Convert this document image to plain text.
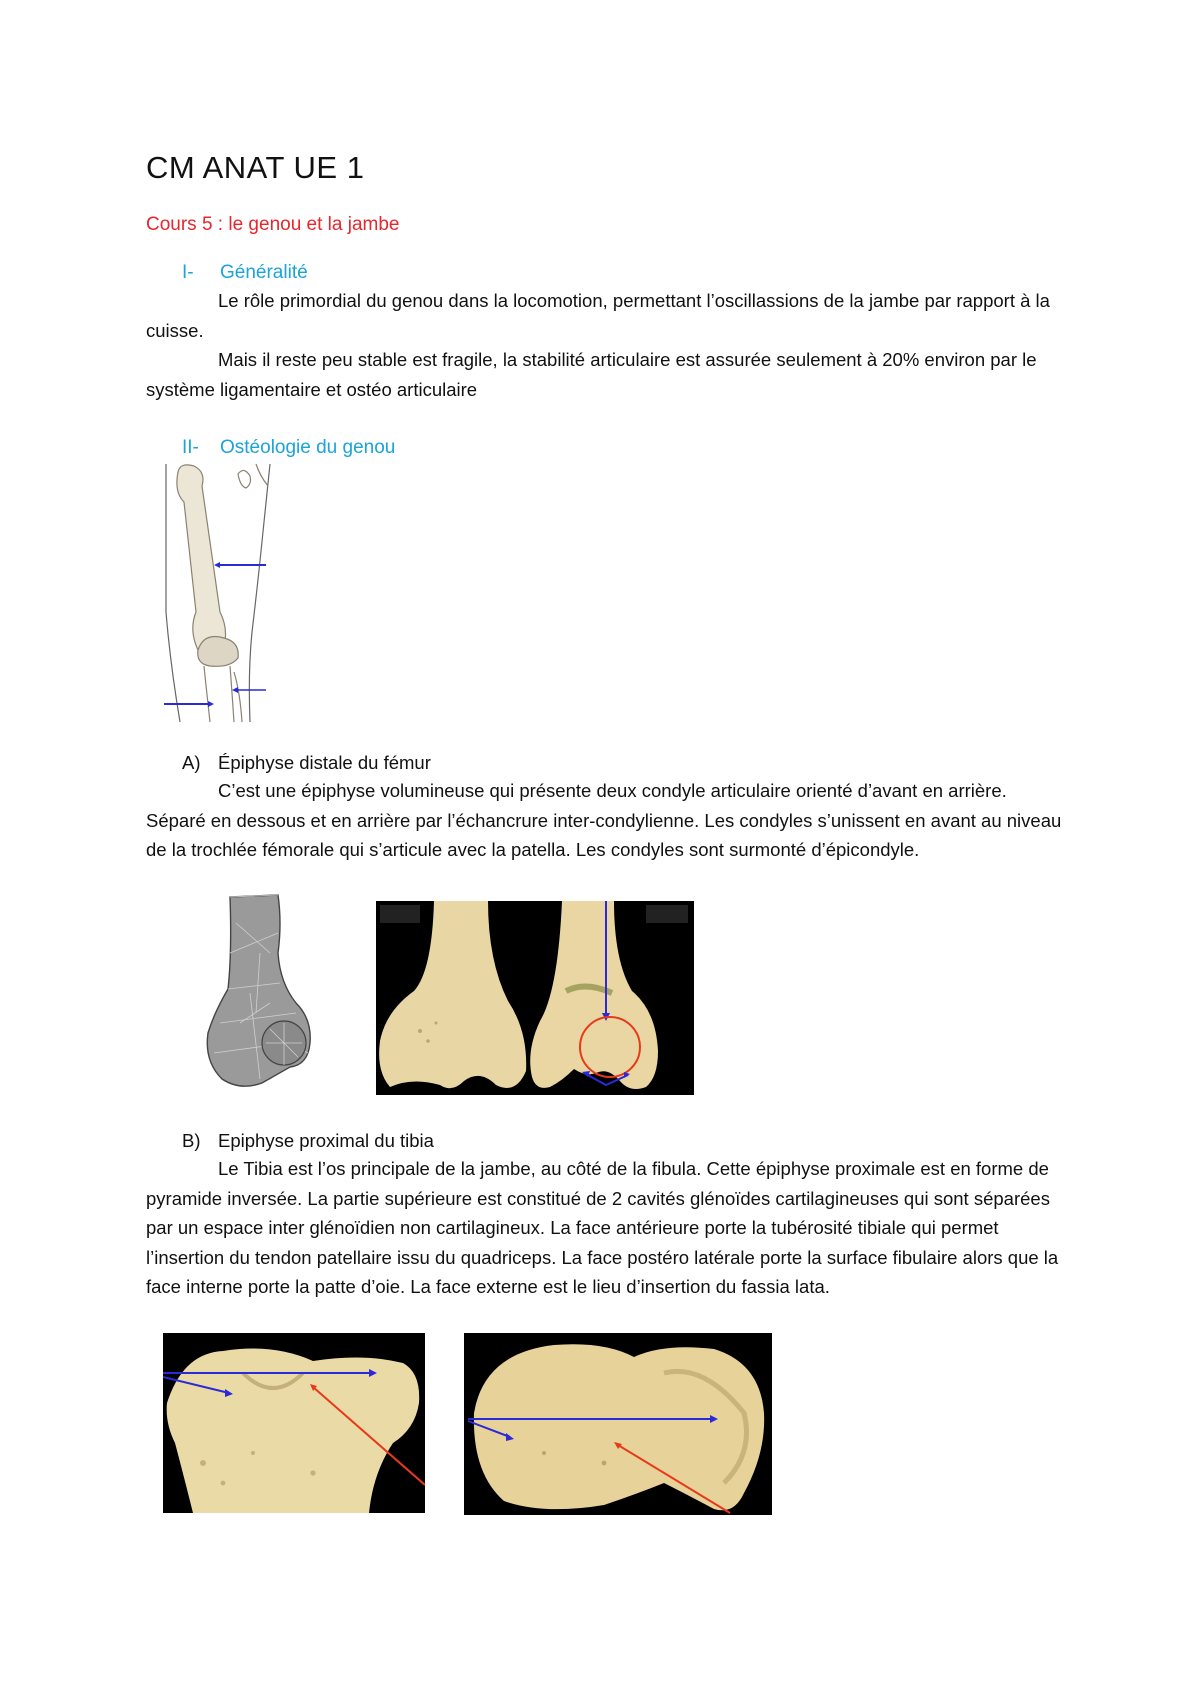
CM ANAT UE 1
Cours 5 : le genou et la jambe
I- Généralité

Le rôle primordial du genou dans la locomotion, permettant l’oscillassions de la jambe par rapport à la cuisse.

Mais il reste peu stable est fragile, la stabilité articulaire est assurée seulement à 20% environ par le système ligamentaire et ostéo articulaire

II- Ostéologie du genou
A) Épiphyse distale du fémur

C’est une épiphyse volumineuse qui présente deux condyle articulaire orienté d’avant en arrière. Séparé en dessous et en arrière par l’échancrure inter-condylienne. Les condyles s’unissent en avant au niveau de la trochlée fémorale qui s’articule avec la patella. Les condyles sont surmonté d’épicondyle.

B) Epiphyse proximal du tibia

Le Tibia est l’os principale de la jambe, au côté de la fibula. Cette épiphyse proximale est en forme de pyramide inversée. La partie supérieure est constitué de 2 cavités glénoïdes cartilagineuses qui sont séparées par un espace inter glénoïdien non cartilagineux. La face antérieure porte la tubérosité tibiale qui permet l’insertion du tendon patellaire issu du quadriceps. La face postéro latérale porte la surface fibulaire alors que la face interne porte la patte d’oie. La face externe est le lieu d’insertion du fassia lata.
